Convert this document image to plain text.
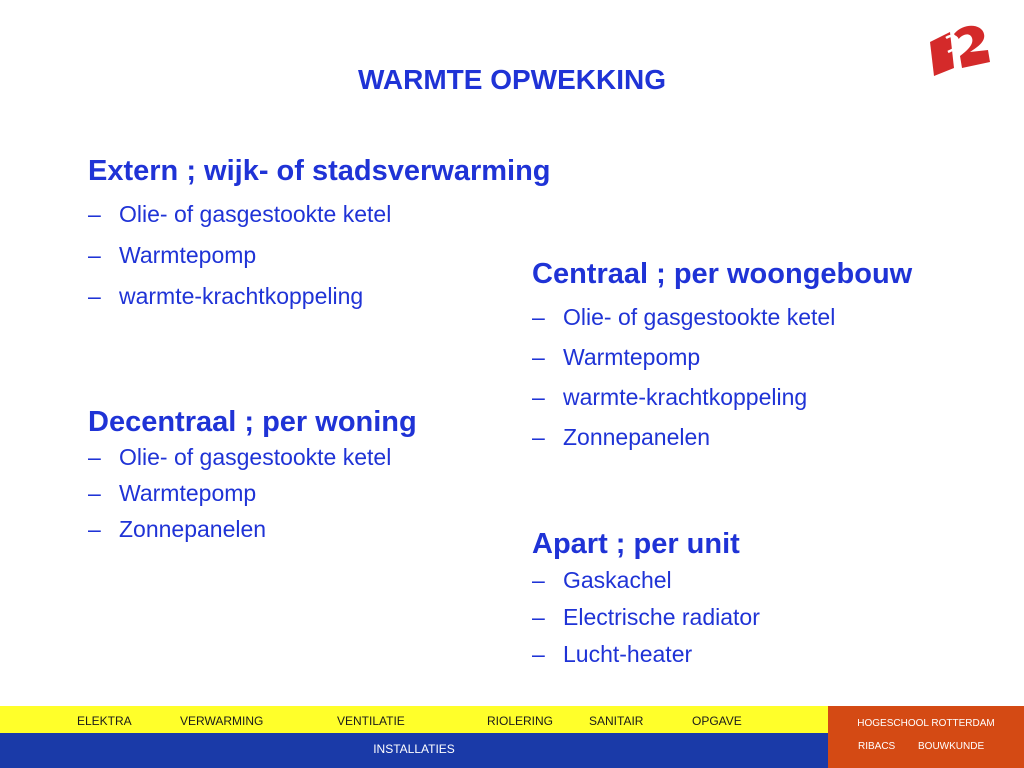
WARMTE OPWEKKING
Extern ; wijk- of stadsverwarming
– Olie- of gasgestookte ketel
– Warmtepomp
– warmte-krachtkoppeling
Decentraal ; per woning
– Olie- of gasgestookte ketel
– Warmtepomp
– Zonnepanelen
Centraal ; per woongebouw
– Olie- of gasgestookte ketel
– Warmtepomp
– warmte-krachtkoppeling
– Zonnepanelen
Apart ; per unit
– Gaskachel
– Electrische radiator
– Lucht-heater
ELEKTRA	VERWARMING	VENTILATIE	RIOLERING	SANITAIR	OPGAVE
INSTALLATIES
HOGESCHOOL ROTTERDAM
RIBACS BOUWKUNDE
